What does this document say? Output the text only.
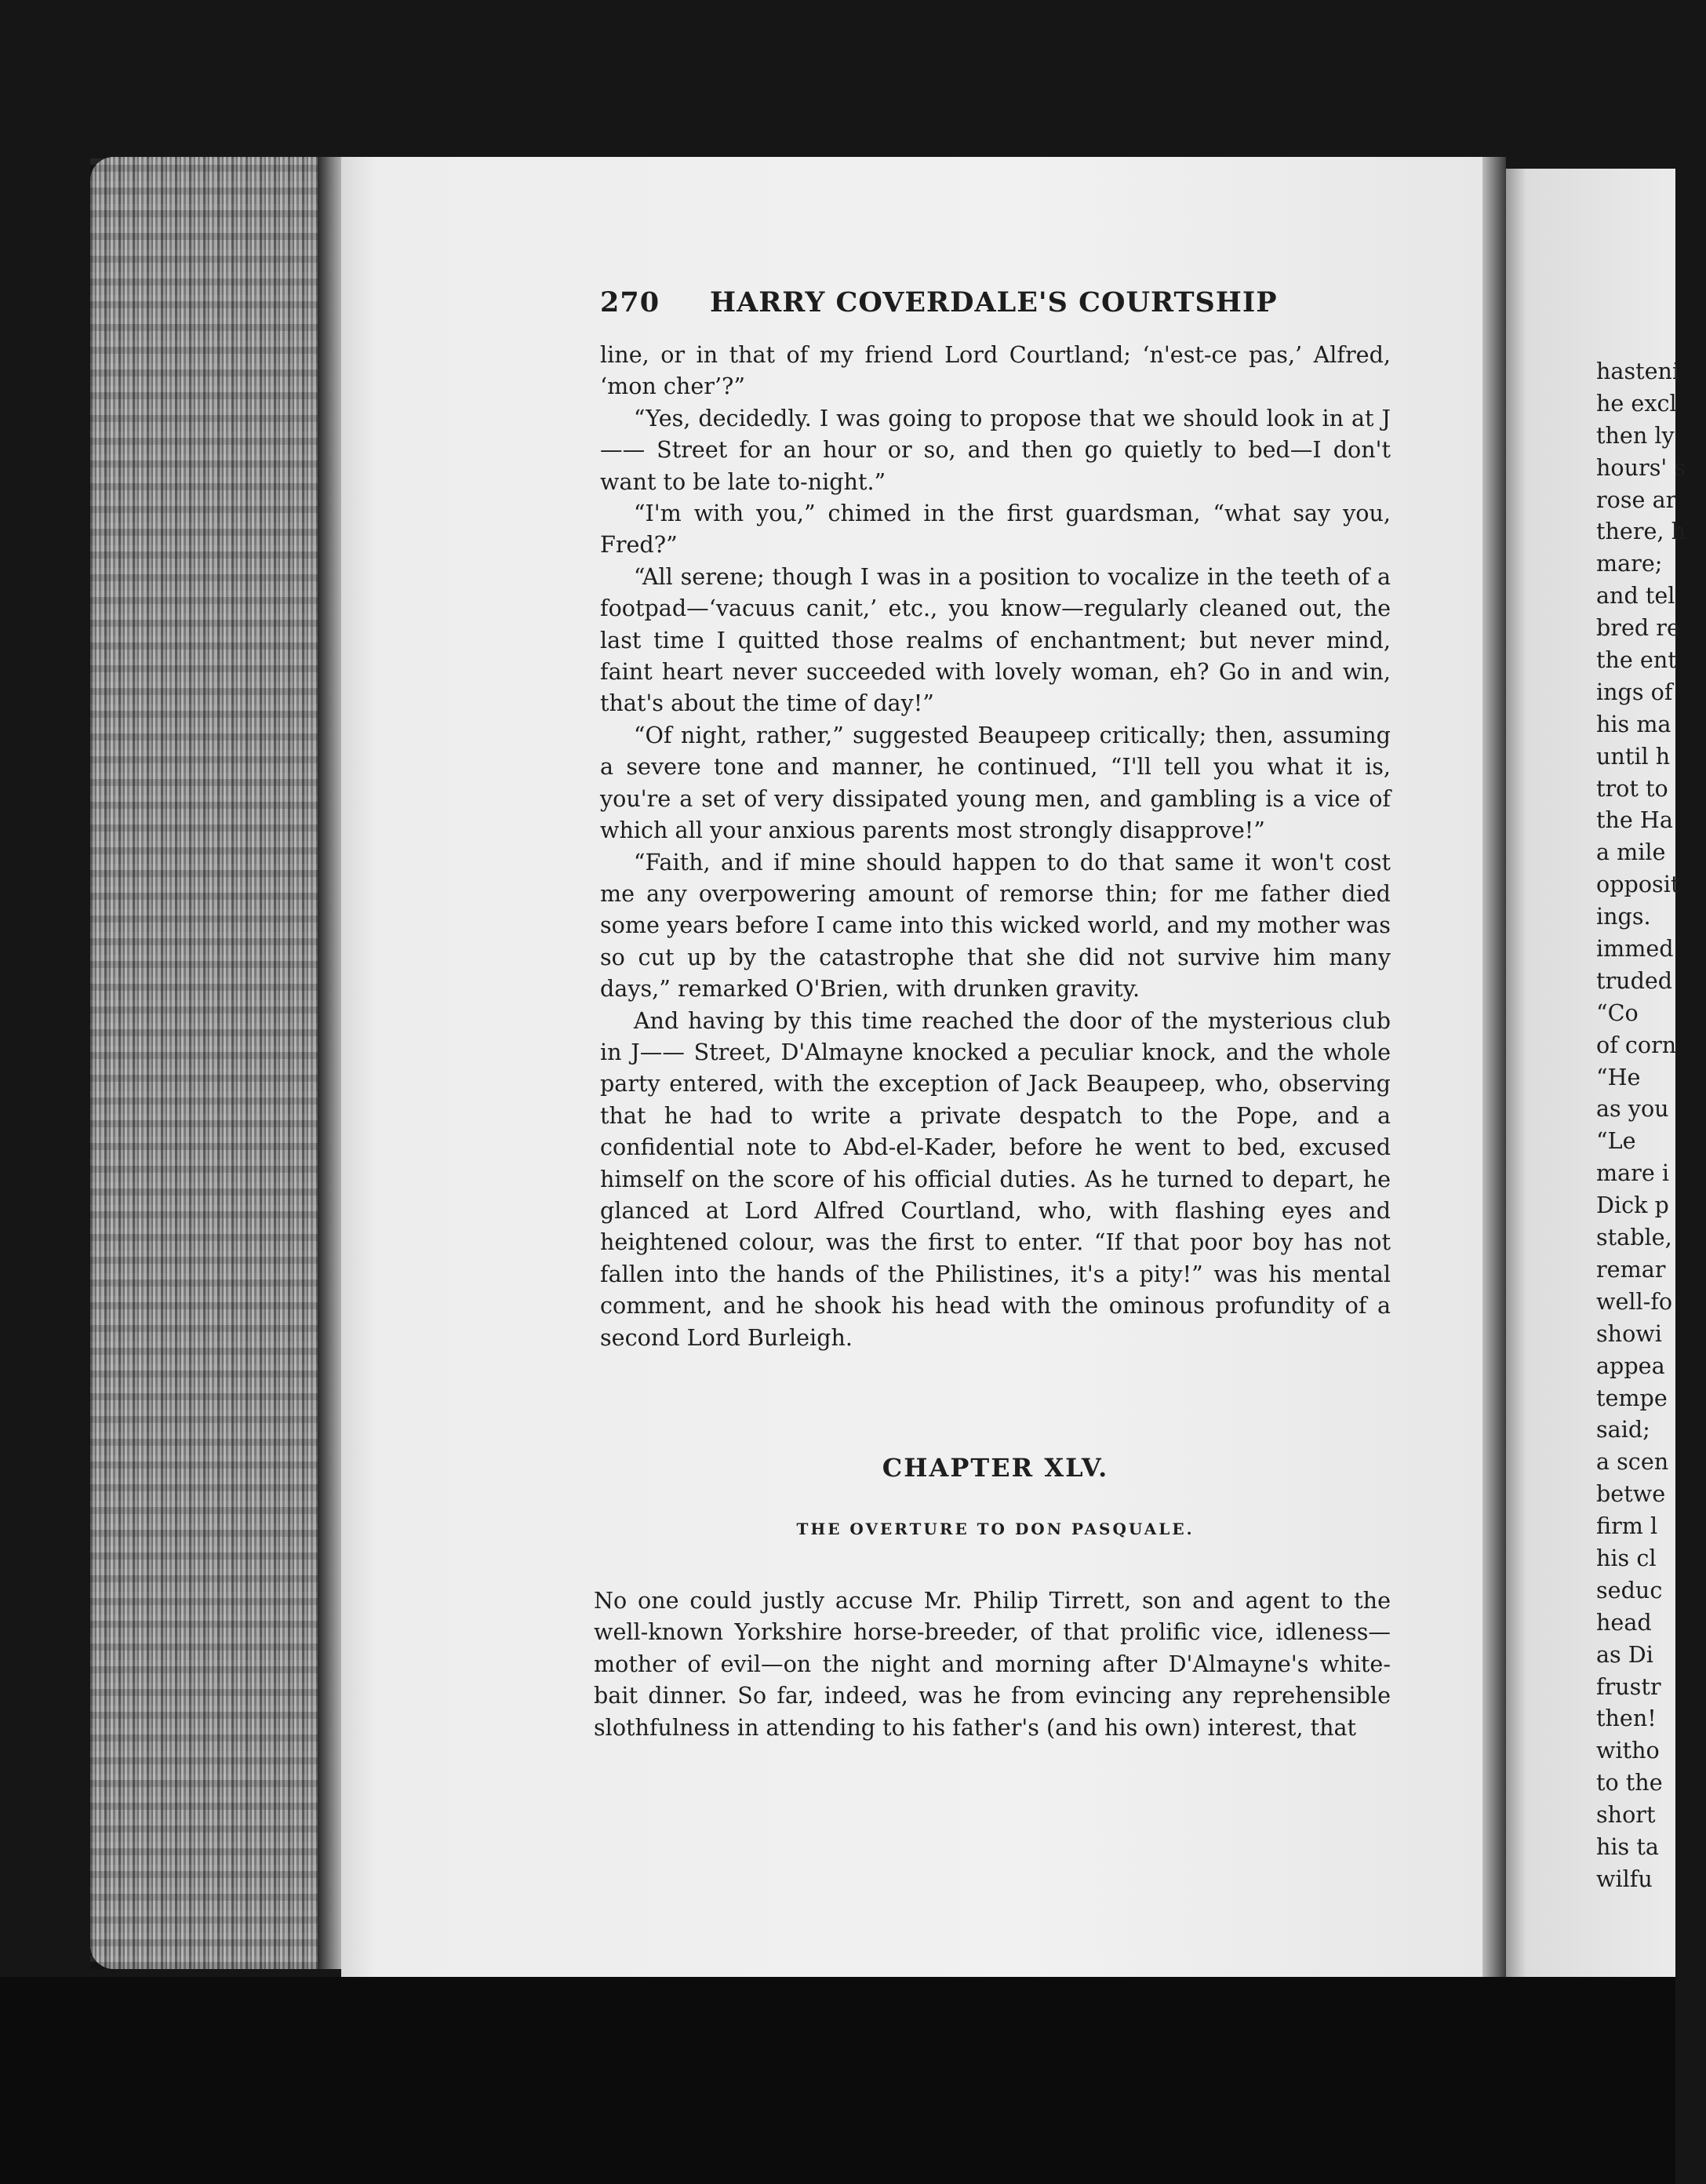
hasteni
he excl
then ly
hours' s
rose ar
there, h
mare;
and tel
bred re
the ent
ings of
his ma
until h
trot to
the Ha
a mile
opposit
ings.
immed
truded
“Co
of corn
“He
as you
“Le
mare i
Dick p
stable,
remar
well-fo
showi
appea
tempe
said;
a scen
betwe
firm l
his cl
seduc
head
as Di
frustr
then!
witho
to the
short
his ta
wilfu
270 HARRY COVERDALE'S COURTSHIP

line, or in that of my friend Lord Courtland; ‘n'est-ce pas,’ Alfred, ‘mon cher’?”

“Yes, decidedly. I was going to propose that we should look in at J—— Street for an hour or so, and then go quietly to bed—I don't want to be late to-night.”

“I'm with you,” chimed in the first guardsman, “what say you, Fred?”

“All serene; though I was in a position to vocalize in the teeth of a footpad—‘vacuus canit,’ etc., you know—regularly cleaned out, the last time I quitted those realms of enchantment; but never mind, faint heart never succeeded with lovely woman, eh? Go in and win, that's about the time of day!”

“Of night, rather,” suggested Beaupeep critically; then, assuming a severe tone and manner, he continued, “I'll tell you what it is, you're a set of very dissipated young men, and gambling is a vice of which all your anxious parents most strongly disapprove!”

“Faith, and if mine should happen to do that same it won't cost me any overpowering amount of remorse thin; for me father died some years before I came into this wicked world, and my mother was so cut up by the catastrophe that she did not survive him many days,” remarked O'Brien, with drunken gravity.

And having by this time reached the door of the mysterious club in J—— Street, D'Almayne knocked a peculiar knock, and the whole party entered, with the exception of Jack Beaupeep, who, observing that he had to write a private despatch to the Pope, and a confidential note to Abd-el-Kader, before he went to bed, excused himself on the score of his official duties. As he turned to depart, he glanced at Lord Alfred Courtland, who, with flashing eyes and heightened colour, was the first to enter. “If that poor boy has not fallen into the hands of the Philistines, it's a pity!” was his mental comment, and he shook his head with the ominous profundity of a second Lord Burleigh.

CHAPTER XLV.
THE OVERTURE TO DON PASQUALE.

No one could justly accuse Mr. Philip Tirrett, son and agent to the well-known Yorkshire horse-breeder, of that prolific vice, idleness—mother of evil—on the night and morning after D'Almayne's white-bait dinner. So far, indeed, was he from evincing any reprehensible slothfulness in attending to his father's (and his own) interest, that
